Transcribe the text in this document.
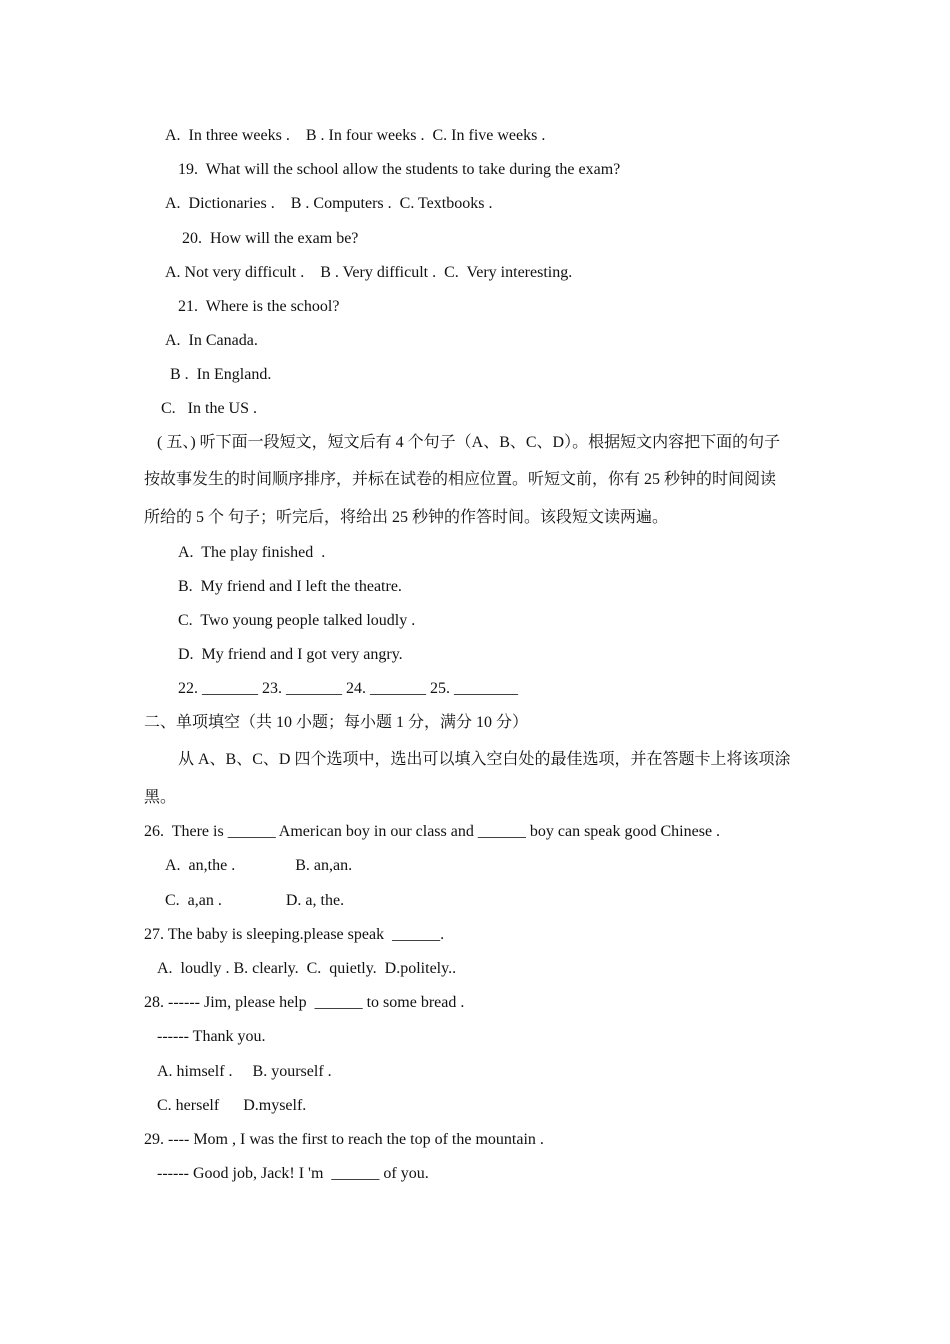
A.  In three weeks .    B . In four weeks .  C. In five weeks .
19.  What will the school allow the students to take during the exam?
A.  Dictionaries .    B . Computers .  C. Textbooks .
20.  How will the exam be?
A. Not very difficult .    B . Very difficult .  C.  Very interesting.
21.  Where is the school?
A.  In Canada.
B .  In England.
C.   In the US .
( 五、) 听下面一段短文，短文后有 4 个句子（A、B、C、D）。根据短文内容把下面的句子
按故事发生的时间顺序排序，并标在试卷的相应位置。听短文前，你有 25 秒钟的时间阅读
所给的 5 个 句子；听完后，将给出 25 秒钟的作答时间。该段短文读两遍。
A.  The play finished  .
B.  My friend and I left the theatre.
C.  Two young people talked loudly .
D.  My friend and I got very angry.
22. _______ 23. _______ 24. _______ 25. ________
二、单项填空（共 10 小题；每小题 1 分，满分 10 分）
从 A、B、C、D 四个选项中，选出可以填入空白处的最佳选项，并在答题卡上将该项涂
黑。
26.  There is ______ American boy in our class and ______ boy can speak good Chinese .
A.  an,the .               B. an,an.
C.  a,an .                D. a, the.
27. The baby is sleeping.please speak  ______.
A.  loudly . B. clearly.  C.  quietly.  D.politely..
28. ------ Jim, please help  ______ to some bread .
------ Thank you.
A. himself .     B. yourself .
C. herself      D.myself.
29. ---- Mom , I was the first to reach the top of the mountain .
------ Good job, Jack! I 'm  ______ of you.
